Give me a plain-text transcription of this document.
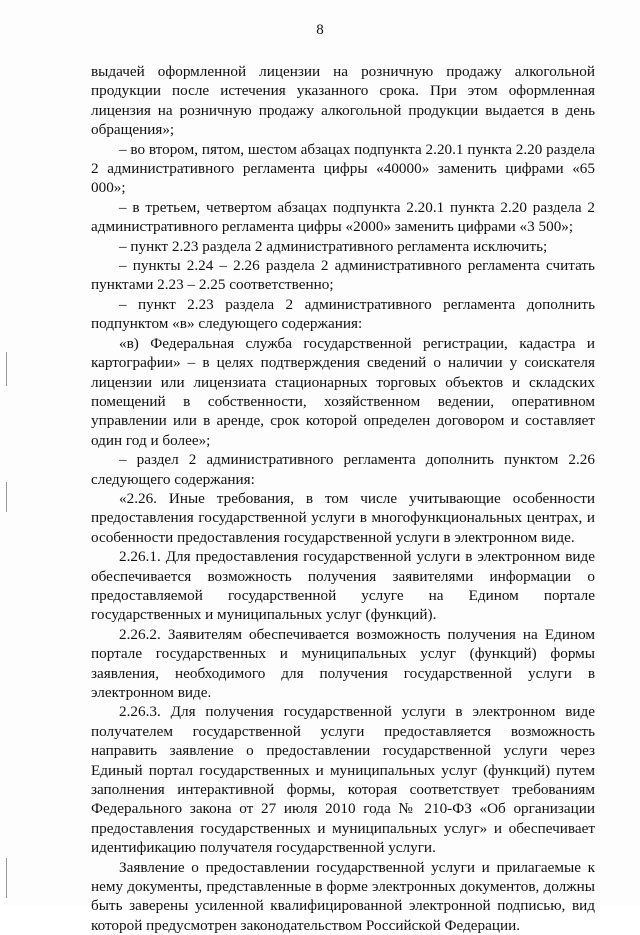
8

выдачей оформленной лицензии на розничную продажу алкогольной продукции после истечения указанного срока. При этом оформленная лицензия на розничную продажу алкогольной продукции выдается в день обращения»;

– во втором, пятом, шестом абзацах подпункта 2.20.1 пункта 2.20 раздела 2 административного регламента цифры «40000» заменить цифрами «65 000»;

– в третьем, четвертом абзацах подпункта 2.20.1 пункта 2.20 раздела 2 административного регламента цифры «2000» заменить цифрами «3 500»;

– пункт 2.23 раздела 2 административного регламента исключить;

– пункты 2.24 – 2.26 раздела 2 административного регламента считать пунктами 2.23 – 2.25 соответственно;

– пункт 2.23 раздела 2 административного регламента дополнить подпунктом «в» следующего содержания:

«в) Федеральная служба государственной регистрации, кадастра и картографии» – в целях подтверждения сведений о наличии у соискателя лицензии или лицензиата стационарных торговых объектов и складских помещений в собственности, хозяйственном ведении, оперативном управлении или в аренде, срок которой определен договором и составляет один год и более»;

– раздел 2 административного регламента дополнить пунктом 2.26 следующего содержания:

«2.26. Иные требования, в том числе учитывающие особенности предоставления государственной услуги в многофункциональных центрах, и особенности предоставления государственной услуги в электронном виде.

2.26.1. Для предоставления государственной услуги в электронном виде обеспечивается возможность получения заявителями информации о предоставляемой государственной услуге на Едином портале государственных и муниципальных услуг (функций).

2.26.2. Заявителям обеспечивается возможность получения на Едином портале государственных и муниципальных услуг (функций) формы заявления, необходимого для получения государственной услуги в электронном виде.

2.26.3. Для получения государственной услуги в электронном виде получателем государственной услуги предоставляется возможность направить заявление о предоставлении государственной услуги через Единый портал государственных и муниципальных услуг (функций) путем заполнения интерактивной формы, которая соответствует требованиям Федерального закона от 27 июля 2010 года № 210-ФЗ «Об организации предоставления государственных и муниципальных услуг» и обеспечивает идентификацию получателя государственной услуги.

Заявление о предоставлении государственной услуги и прилагаемые к нему документы, представленные в форме электронных документов, должны быть заверены усиленной квалифицированной электронной подписью, вид которой предусмотрен законодательством Российской Федерации.
